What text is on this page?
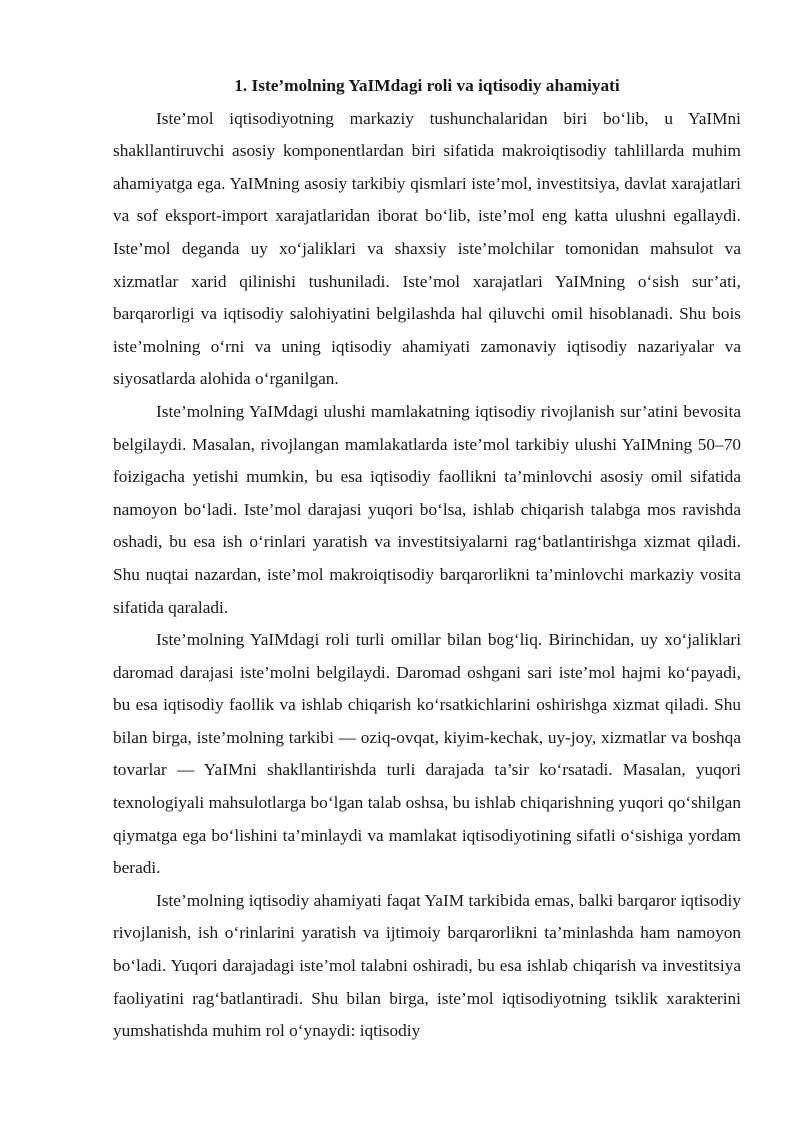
1. Iste’molning YaIMdagi roli va iqtisodiy ahamiyati

Iste’mol iqtisodiyotning markaziy tushunchalaridan biri bo‘lib, u YaIMni shakllantiruvchi asosiy komponentlardan biri sifatida makroiqtisodiy tahlillarda muhim ahamiyatga ega. YaIMning asosiy tarkibiy qismlari iste’mol, investitsiya, davlat xarajatlari va sof eksport-import xarajatlaridan iborat bo‘lib, iste’mol eng katta ulushni egallaydi. Iste’mol deganda uy xo‘jaliklari va shaxsiy iste’molchilar tomonidan mahsulot va xizmatlar xarid qilinishi tushuniladi. Iste’mol xarajatlari YaIMning o‘sish sur’ati, barqarorligi va iqtisodiy salohiyatini belgilashda hal qiluvchi omil hisoblanadi. Shu bois iste’molning o‘rni va uning iqtisodiy ahamiyati zamonaviy iqtisodiy nazariyalar va siyosatlarda alohida o‘rganilgan.

Iste’molning YaIMdagi ulushi mamlakatning iqtisodiy rivojlanish sur’atini bevosita belgilaydi. Masalan, rivojlangan mamlakatlarda iste’mol tarkibiy ulushi YaIMning 50–70 foizigacha yetishi mumkin, bu esa iqtisodiy faollikni ta’minlovchi asosiy omil sifatida namoyon bo‘ladi. Iste’mol darajasi yuqori bo‘lsa, ishlab chiqarish talabga mos ravishda oshadi, bu esa ish o‘rinlari yaratish va investitsiyalarni rag‘batlantirishga xizmat qiladi. Shu nuqtai nazardan, iste’mol makroiqtisodiy barqarorlikni ta’minlovchi markaziy vosita sifatida qaraladi.

Iste’molning YaIMdagi roli turli omillar bilan bog‘liq. Birinchidan, uy xo‘jaliklari daromad darajasi iste’molni belgilaydi. Daromad oshgani sari iste’mol hajmi ko‘payadi, bu esa iqtisodiy faollik va ishlab chiqarish ko‘rsatkichlarini oshirishga xizmat qiladi. Shu bilan birga, iste’molning tarkibi — oziq-ovqat, kiyim-kechak, uy-joy, xizmatlar va boshqa tovarlar — YaIMni shakllantirishda turli darajada ta’sir ko‘rsatadi. Masalan, yuqori texnologiyali mahsulotlarga bo‘lgan talab oshsa, bu ishlab chiqarishning yuqori qo‘shilgan qiymatga ega bo‘lishini ta’minlaydi va mamlakat iqtisodiyotining sifatli o‘sishiga yordam beradi.

Iste’molning iqtisodiy ahamiyati faqat YaIM tarkibida emas, balki barqaror iqtisodiy rivojlanish, ish o‘rinlarini yaratish va ijtimoiy barqarorlikni ta’minlashda ham namoyon bo‘ladi. Yuqori darajadagi iste’mol talabni oshiradi, bu esa ishlab chiqarish va investitsiya faoliyatini rag‘batlantiradi. Shu bilan birga, iste’mol iqtisodiyotning tsiklik xarakterini yumshatishda muhim rol o‘ynaydi: iqtisodiy
